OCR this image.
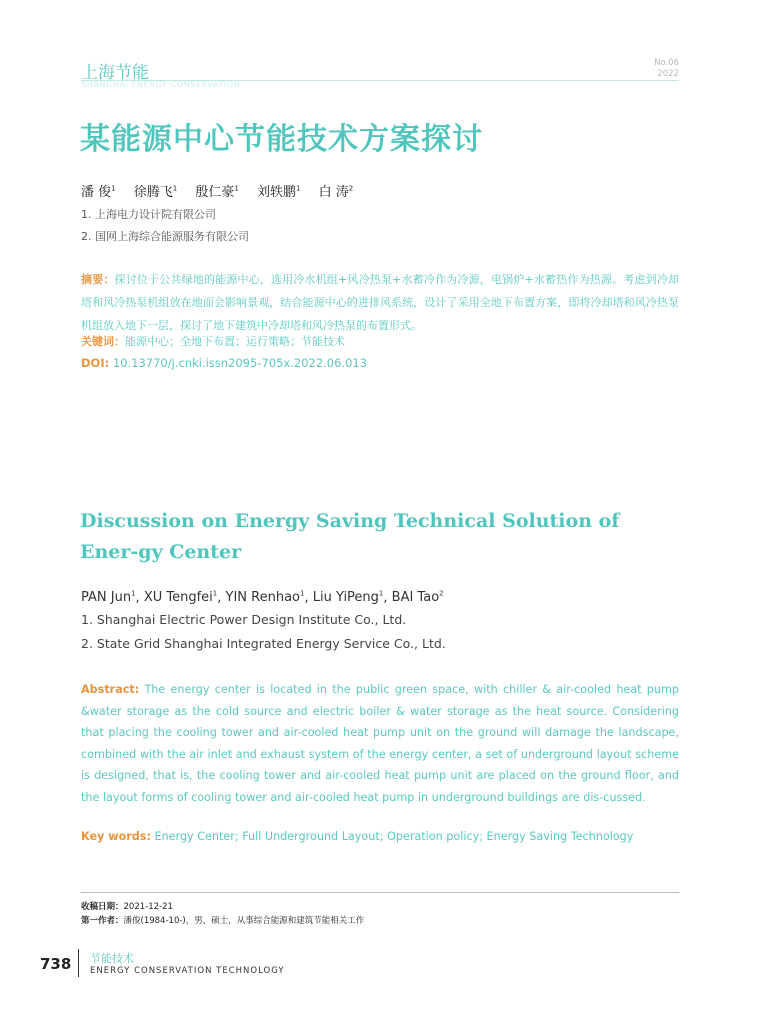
上海节能
SHANGHAI ENERGY CONSERVATION
No.06
2022
某能源中心节能技术方案探讨
潘 俊$^1$ 徐腾飞$^1$ 殷仁豪$^1$ 刘轶鹏$^1$ 白 涛$^2$
1. 上海电力设计院有限公司
2. 国网上海综合能源服务有限公司
摘要：探讨位于公共绿地的能源中心，选用冷水机组+风冷热泵+水蓄冷作为冷源，电锅炉+水蓄热作为热源。考虑到冷却塔和风冷热泵机组放在地面会影响景观，结合能源中心的进排风系统，设计了采用全地下布置方案，即将冷却塔和风冷热泵机组放入地下一层，探讨了地下建筑中冷却塔和风冷热泵的布置形式。
关键词：能源中心；全地下布置；运行策略；节能技术
DOI: 10.13770/j.cnki.issn2095-705x.2022.06.013
Discussion on Energy Saving Technical Solution of Ener-gy Center
PAN Jun$^1$, XU Tengfei$^1$, YIN Renhao$^1$, Liu YiPeng$^1$, BAI Tao$^2$
1. Shanghai Electric Power Design Institute Co., Ltd.
2. State Grid Shanghai Integrated Energy Service Co., Ltd.
Abstract: The energy center is located in the public green space, with chiller & air-cooled heat pump &water storage as the cold source and electric boiler & water storage as the heat source. Considering that placing the cooling tower and air-cooled heat pump unit on the ground will damage the landscape, combined with the air inlet and exhaust system of the energy center, a set of underground layout scheme is designed, that is, the cooling tower and air-cooled heat pump unit are placed on the ground floor, and the layout forms of cooling tower and air-cooled heat pump in underground buildings are dis-cussed.
Key words: Energy Center; Full Underground Layout; Operation policy; Energy Saving Technology
收稿日期：2021-12-21
第一作者：潘俊(1984-10-)，男，硕士，从事综合能源和建筑节能相关工作
738 节能技术
ENERGY CONSERVATION TECHNOLOGY
